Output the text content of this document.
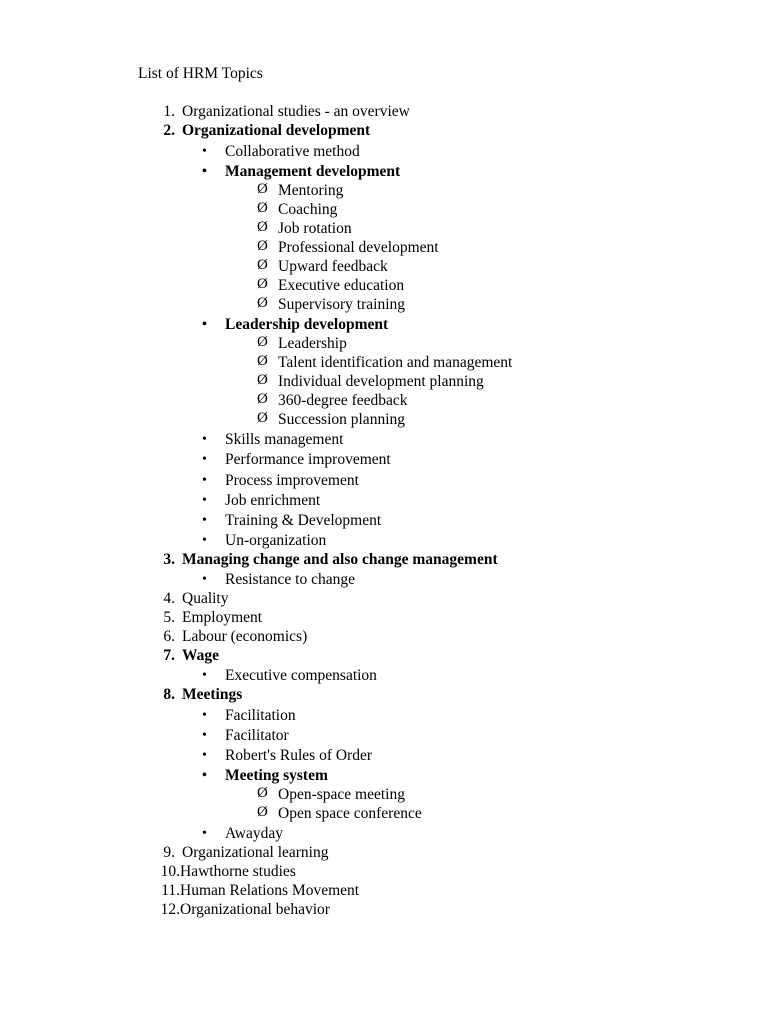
List of HRM Topics
1. Organizational studies - an overview
2. Organizational development
• Collaborative method
• Management development
Ø Mentoring
Ø Coaching
Ø Job rotation
Ø Professional development
Ø Upward feedback
Ø Executive education
Ø Supervisory training
• Leadership development
Ø Leadership
Ø Talent identification and management
Ø Individual development planning
Ø 360-degree feedback
Ø Succession planning
• Skills management
• Performance improvement
• Process improvement
• Job enrichment
• Training & Development
• Un-organization
3. Managing change and also change management
• Resistance to change
4. Quality
5. Employment
6. Labour (economics)
7. Wage
• Executive compensation
8. Meetings
• Facilitation
• Facilitator
• Robert's Rules of Order
• Meeting system
Ø Open-space meeting
Ø Open space conference
• Awayday
9. Organizational learning
10. Hawthorne studies
11. Human Relations Movement
12. Organizational behavior
